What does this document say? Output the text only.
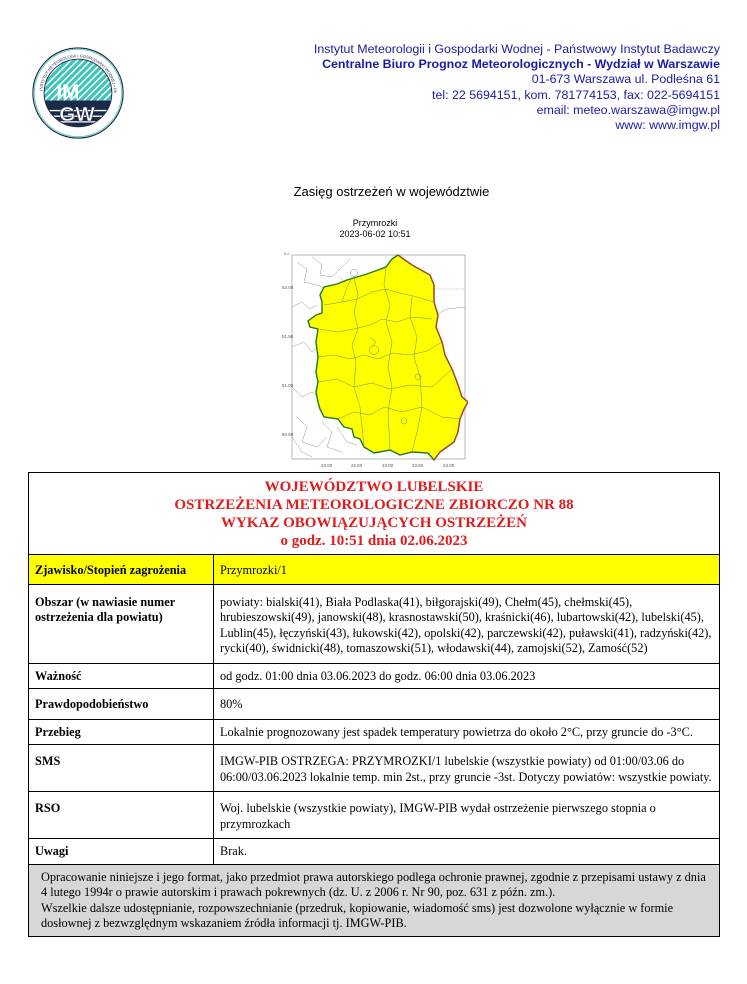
IM
GW
INSTYTUT METEOROLOGII I GOSPODARKI WODNEJ • PA
Instytut Meteorologii i Gospodarki Wodnej - Państwowy Instytut Badawczy
Centralne Biuro Prognoz Meteorologicznych - Wydział w Warszawie
01-673 Warszawa ul. Podleśna 61
tel: 22 5694151, kom. 781774153, fax: 022-5694151
email: meteo.warszawa@imgw.pl
www: www.imgw.pl
Zasięg ostrzeżeń w województwie
Przymrozki
2023-06-02 10:51
0.0
52.00
51.50
51.00
50.50
22.00	22.50	23.00	23.50	24.00
WOJEWÓDZTWO LUBELSKIE
OSTRZEŻENIA METEOROLOGICZNE ZBIORCZO NR 88
WYKAZ OBOWIĄZUJĄCYCH OSTRZEŻEŃ
o godz. 10:51 dnia 02.06.2023	

Zjawisko/Stopień zagrożenia	Przymrozki/1
Obszar (w nawiasie numer ostrzeżenia dla powiatu)	powiaty: bialski(41), Biała Podlaska(41), biłgorajski(49), Chełm(45), chełmski(45), hrubieszowski(49), janowski(48), krasnostawski(50), kraśnicki(46), lubartowski(42), lubelski(45), Lublin(45), łęczyński(43), łukowski(42), opolski(42), parczewski(42), puławski(41), radzyński(42), rycki(40), świdnicki(48), tomaszowski(51), włodawski(44), zamojski(52), Zamość(52)
Ważność	od godz. 01:00 dnia 03.06.2023 do godz. 06:00 dnia 03.06.2023
Prawdopodobieństwo	80%
Przebieg	Lokalnie prognozowany jest spadek temperatury powietrza do około 2°C, przy gruncie do -3°C.
SMS	IMGW-PIB OSTRZEGA: PRZYMROZKI/1 lubelskie (wszystkie powiaty) od 01:00/03.06 do 06:00/03.06.2023 lokalnie temp. min 2st., przy gruncie -3st. Dotyczy powiatów: wszystkie powiaty.
RSO	Woj. lubelskie (wszystkie powiaty), IMGW-PIB wydał ostrzeżenie pierwszego stopnia o przymrozkach
Uwagi	Brak.

Opracowanie niniejsze i jego format, jako przedmiot prawa autorskiego podlega ochronie prawnej, zgodnie z przepisami ustawy z dnia 4 lutego 1994r o prawie autorskim i prawach pokrewnych (dz. U. z 2006 r. Nr 90, poz. 631 z późn. zm.).
Wszelkie dalsze udostępnianie, rozpowszechnianie (przedruk, kopiowanie, wiadomość sms) jest dozwolone wyłącznie w formie dosłownej z bezwzględnym wskazaniem źródła informacji tj. IMGW-PIB.	
